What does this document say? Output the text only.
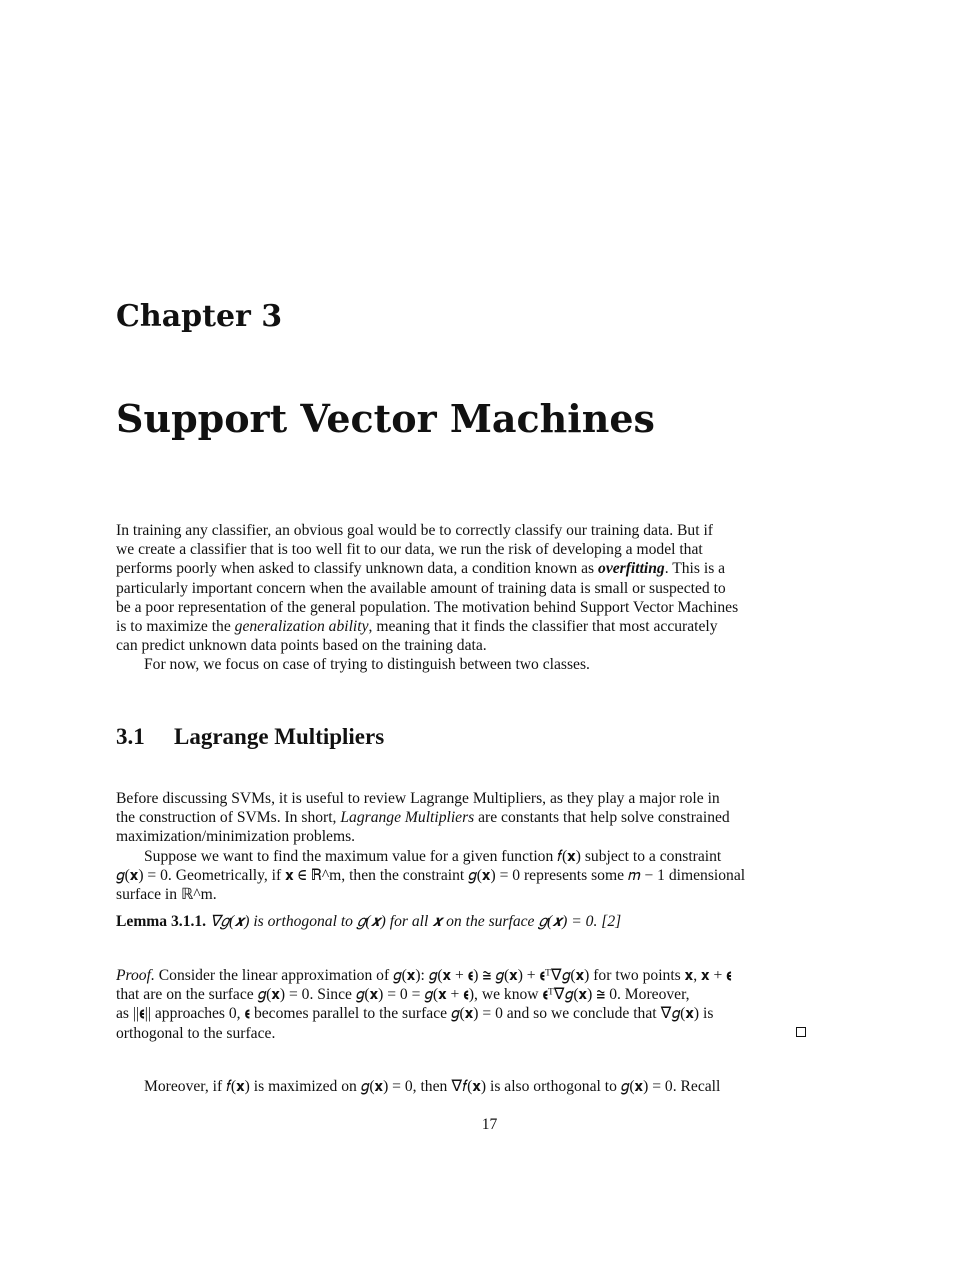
Chapter 3
Support Vector Machines
In training any classifier, an obvious goal would be to correctly classify our training data. But if
we create a classifier that is too well fit to our data, we run the risk of developing a model that
performs poorly when asked to classify unknown data, a condition known as overfitting. This is a
particularly important concern when the available amount of training data is small or suspected to
be a poor representation of the general population. The motivation behind Support Vector Machines
is to maximize the generalization ability, meaning that it finds the classifier that most accurately
can predict unknown data points based on the training data.
For now, we focus on case of trying to distinguish between two classes.
3.1 Lagrange Multipliers
Before discussing SVMs, it is useful to review Lagrange Multipliers, as they play a major role in
the construction of SVMs. In short, Lagrange Multipliers are constants that help solve constrained
maximization/minimization problems.
Suppose we want to find the maximum value for a given function 𝑓(𝐱) subject to a constraint
𝑔(𝐱) = 0. Geometrically, if 𝐱 ∈ ℝ^m, then the constraint 𝑔(𝐱) = 0 represents some 𝑚 − 1 dimensional
surface in ℝ^m.
Lemma 3.1.1. ∇𝑔(𝒙) is orthogonal to 𝑔(𝒙) for all 𝒙 on the surface 𝑔(𝒙) = 0. [2]
Proof. Consider the linear approximation of 𝑔(𝐱): 𝑔(𝐱 + 𝛜) ≅ 𝑔(𝐱) + 𝛜ᵀ∇𝑔(𝐱) for two points 𝐱, 𝐱 + 𝛜
that are on the surface 𝑔(𝐱) = 0. Since 𝑔(𝐱) = 0 = 𝑔(𝐱 + 𝛜), we know 𝛜ᵀ∇𝑔(𝐱) ≅ 0. Moreover,
as ||𝛜|| approaches 0, 𝛜 becomes parallel to the surface 𝑔(𝐱) = 0 and so we conclude that ∇𝑔(𝐱) is
orthogonal to the surface.
Moreover, if 𝑓(𝐱) is maximized on 𝑔(𝐱) = 0, then ∇𝑓(𝐱) is also orthogonal to 𝑔(𝐱) = 0. Recall
17
